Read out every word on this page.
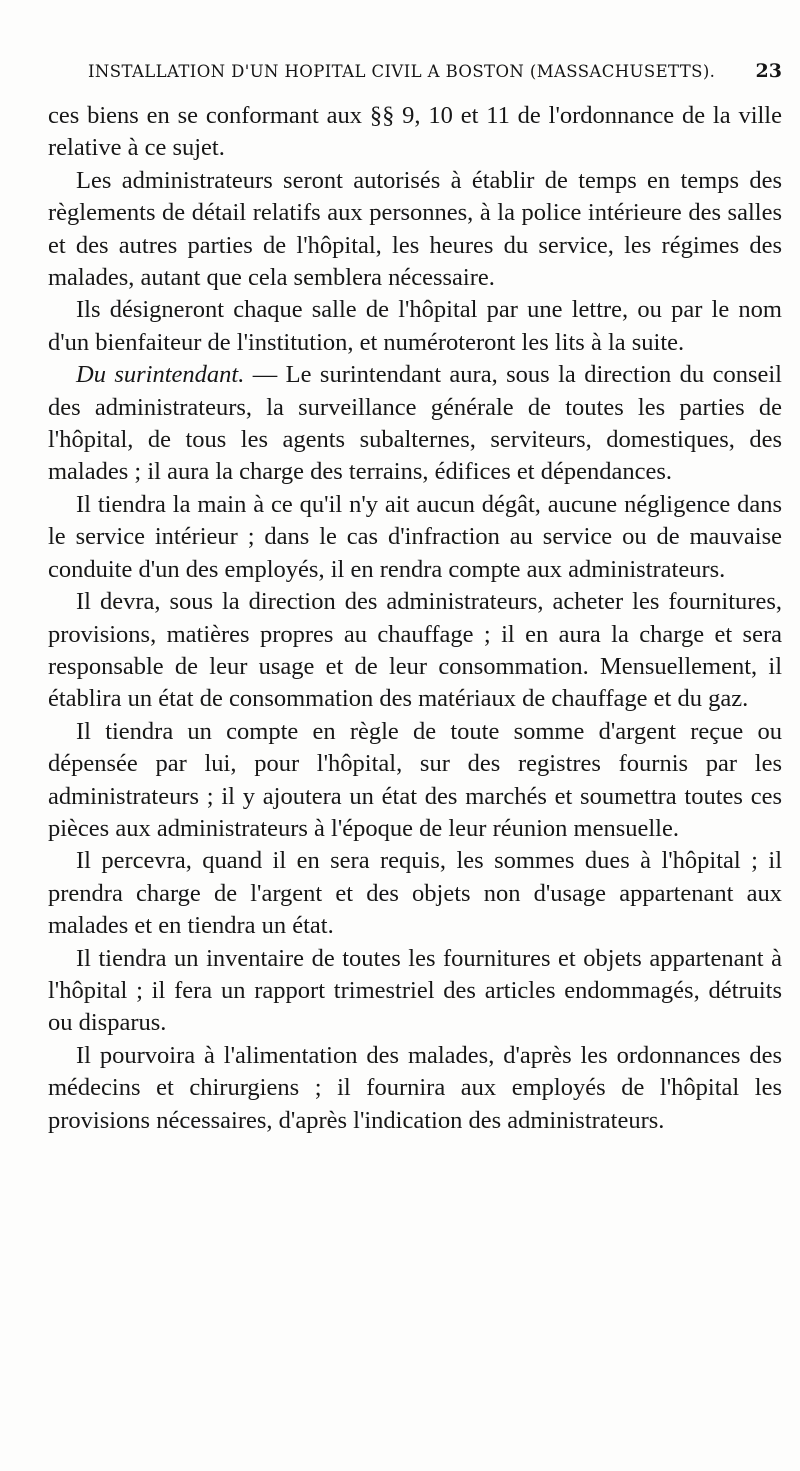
INSTALLATION D'UN HOPITAL CIVIL A BOSTON (MASSACHUSETTS). 23

ces biens en se conformant aux §§ 9, 10 et 11 de l'ordonnance de la ville relative à ce sujet.

Les administrateurs seront autorisés à établir de temps en temps des règlements de détail relatifs aux personnes, à la police intérieure des salles et des autres parties de l'hôpital, les heures du service, les régimes des malades, autant que cela semblera nécessaire.

Ils désigneront chaque salle de l'hôpital par une lettre, ou par le nom d'un bienfaiteur de l'institution, et numéroteront les lits à la suite.

Du surintendant. — Le surintendant aura, sous la direction du conseil des administrateurs, la surveillance générale de toutes les parties de l'hôpital, de tous les agents subalternes, serviteurs, domestiques, des malades ; il aura la charge des terrains, édifices et dépendances.

Il tiendra la main à ce qu'il n'y ait aucun dégât, aucune négligence dans le service intérieur ; dans le cas d'infraction au service ou de mauvaise conduite d'un des employés, il en rendra compte aux administrateurs.

Il devra, sous la direction des administrateurs, acheter les fournitures, provisions, matières propres au chauffage ; il en aura la charge et sera responsable de leur usage et de leur consommation. Mensuellement, il établira un état de consommation des matériaux de chauffage et du gaz.

Il tiendra un compte en règle de toute somme d'argent reçue ou dépensée par lui, pour l'hôpital, sur des registres fournis par les administrateurs ; il y ajoutera un état des marchés et soumettra toutes ces pièces aux administrateurs à l'époque de leur réunion mensuelle.

Il percevra, quand il en sera requis, les sommes dues à l'hôpital ; il prendra charge de l'argent et des objets non d'usage appartenant aux malades et en tiendra un état.

Il tiendra un inventaire de toutes les fournitures et objets appartenant à l'hôpital ; il fera un rapport trimestriel des articles endommagés, détruits ou disparus.

Il pourvoira à l'alimentation des malades, d'après les ordonnances des médecins et chirurgiens ; il fournira aux employés de l'hôpital les provisions nécessaires, d'après l'indication des administrateurs.
